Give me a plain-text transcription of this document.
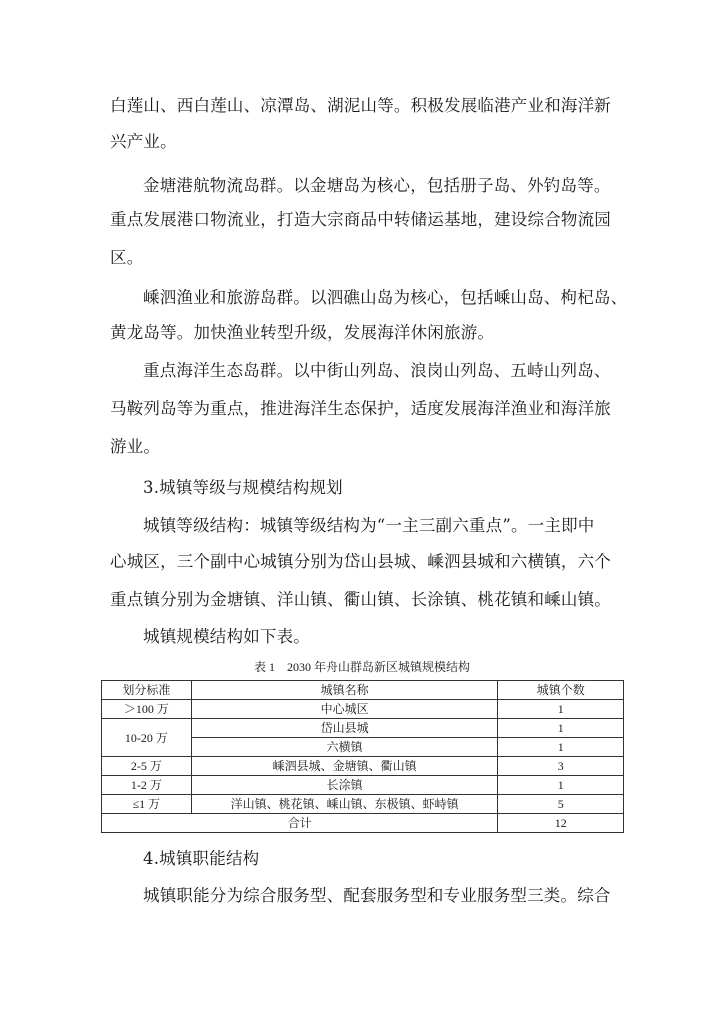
白莲山、西白莲山、凉潭岛、湖泥山等。积极发展临港产业和海洋新
兴产业。
金塘港航物流岛群。以金塘岛为核心，包括册子岛、外钓岛等。
重点发展港口物流业，打造大宗商品中转储运基地，建设综合物流园
区。
嵊泗渔业和旅游岛群。以泗礁山岛为核心，包括嵊山岛、枸杞岛、
黄龙岛等。加快渔业转型升级，发展海洋休闲旅游。
重点海洋生态岛群。以中街山列岛、浪岗山列岛、五峙山列岛、
马鞍列岛等为重点，推进海洋生态保护，适度发展海洋渔业和海洋旅
游业。
3.城镇等级与规模结构规划
城镇等级结构：城镇等级结构为“一主三副六重点”。一主即中
心城区，三个副中心城镇分别为岱山县城、嵊泗县城和六横镇，六个
重点镇分别为金塘镇、洋山镇、衢山镇、长涂镇、桃花镇和嵊山镇。
城镇规模结构如下表。
表 1　2030 年舟山群岛新区城镇规模结构
划分标准	城镇名称	城镇个数
＞100 万	中心城区	1
10-20 万	岱山县城	1
	六横镇	1
2-5 万	嵊泗县城、金塘镇、衢山镇	3
1-2 万	长涂镇	1
≤1 万	洋山镇、桃花镇、嵊山镇、东极镇、虾峙镇	5
合计		12
4.城镇职能结构
城镇职能分为综合服务型、配套服务型和专业服务型三类。综合
